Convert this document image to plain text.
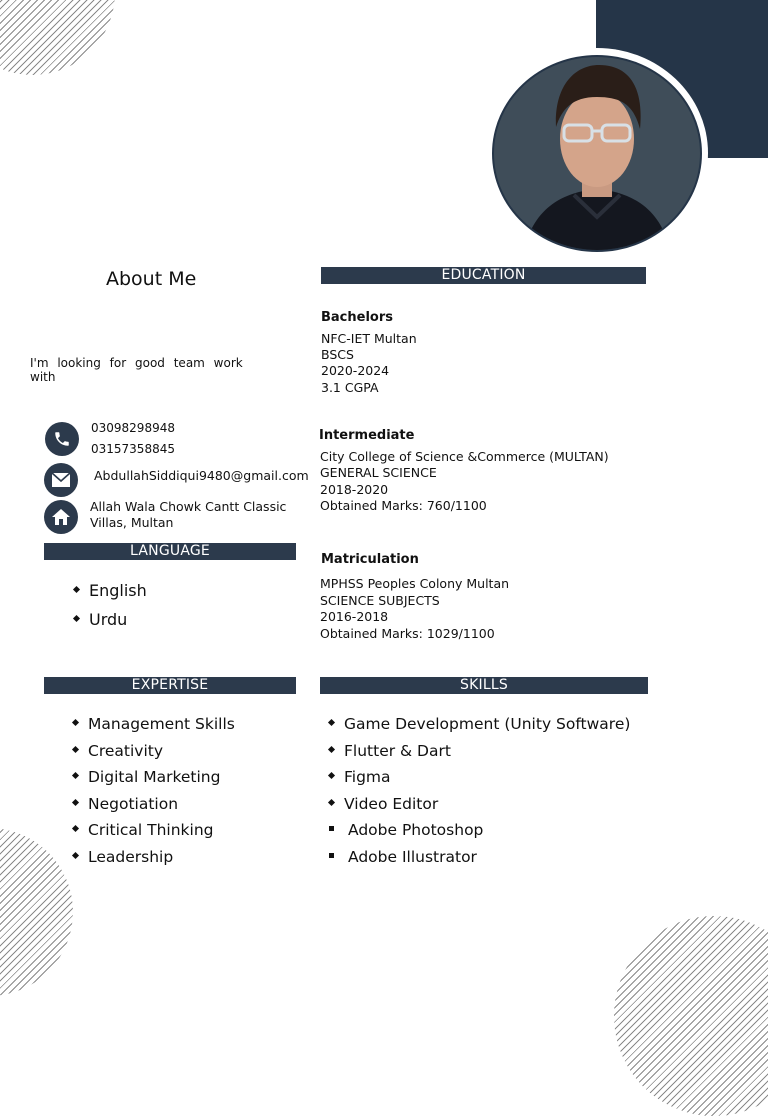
About Me
I'm looking for good team work with
03098298948
03157358845
AbdullahSiddiqui9480@gmail.com
Allah Wala Chowk Cantt Classic
Villas, Multan
LANGUAGE
English
Urdu
EDUCATION
Bachelors
NFC-IET Multan
BSCS
2020-2024
3.1 CGPA
Intermediate
City College of Science &Commerce (MULTAN)
GENERAL SCIENCE
2018-2020
Obtained Marks: 760/1100
Matriculation
MPHSS Peoples Colony Multan
SCIENCE SUBJECTS
2016-2018
Obtained Marks: 1029/1100
EXPERTISE
Management Skills
Creativity
Digital Marketing
Negotiation
Critical Thinking
Leadership
SKILLS
Game Development (Unity Software)
Flutter & Dart
Figma
Video Editor
Adobe Photoshop
Adobe Illustrator
